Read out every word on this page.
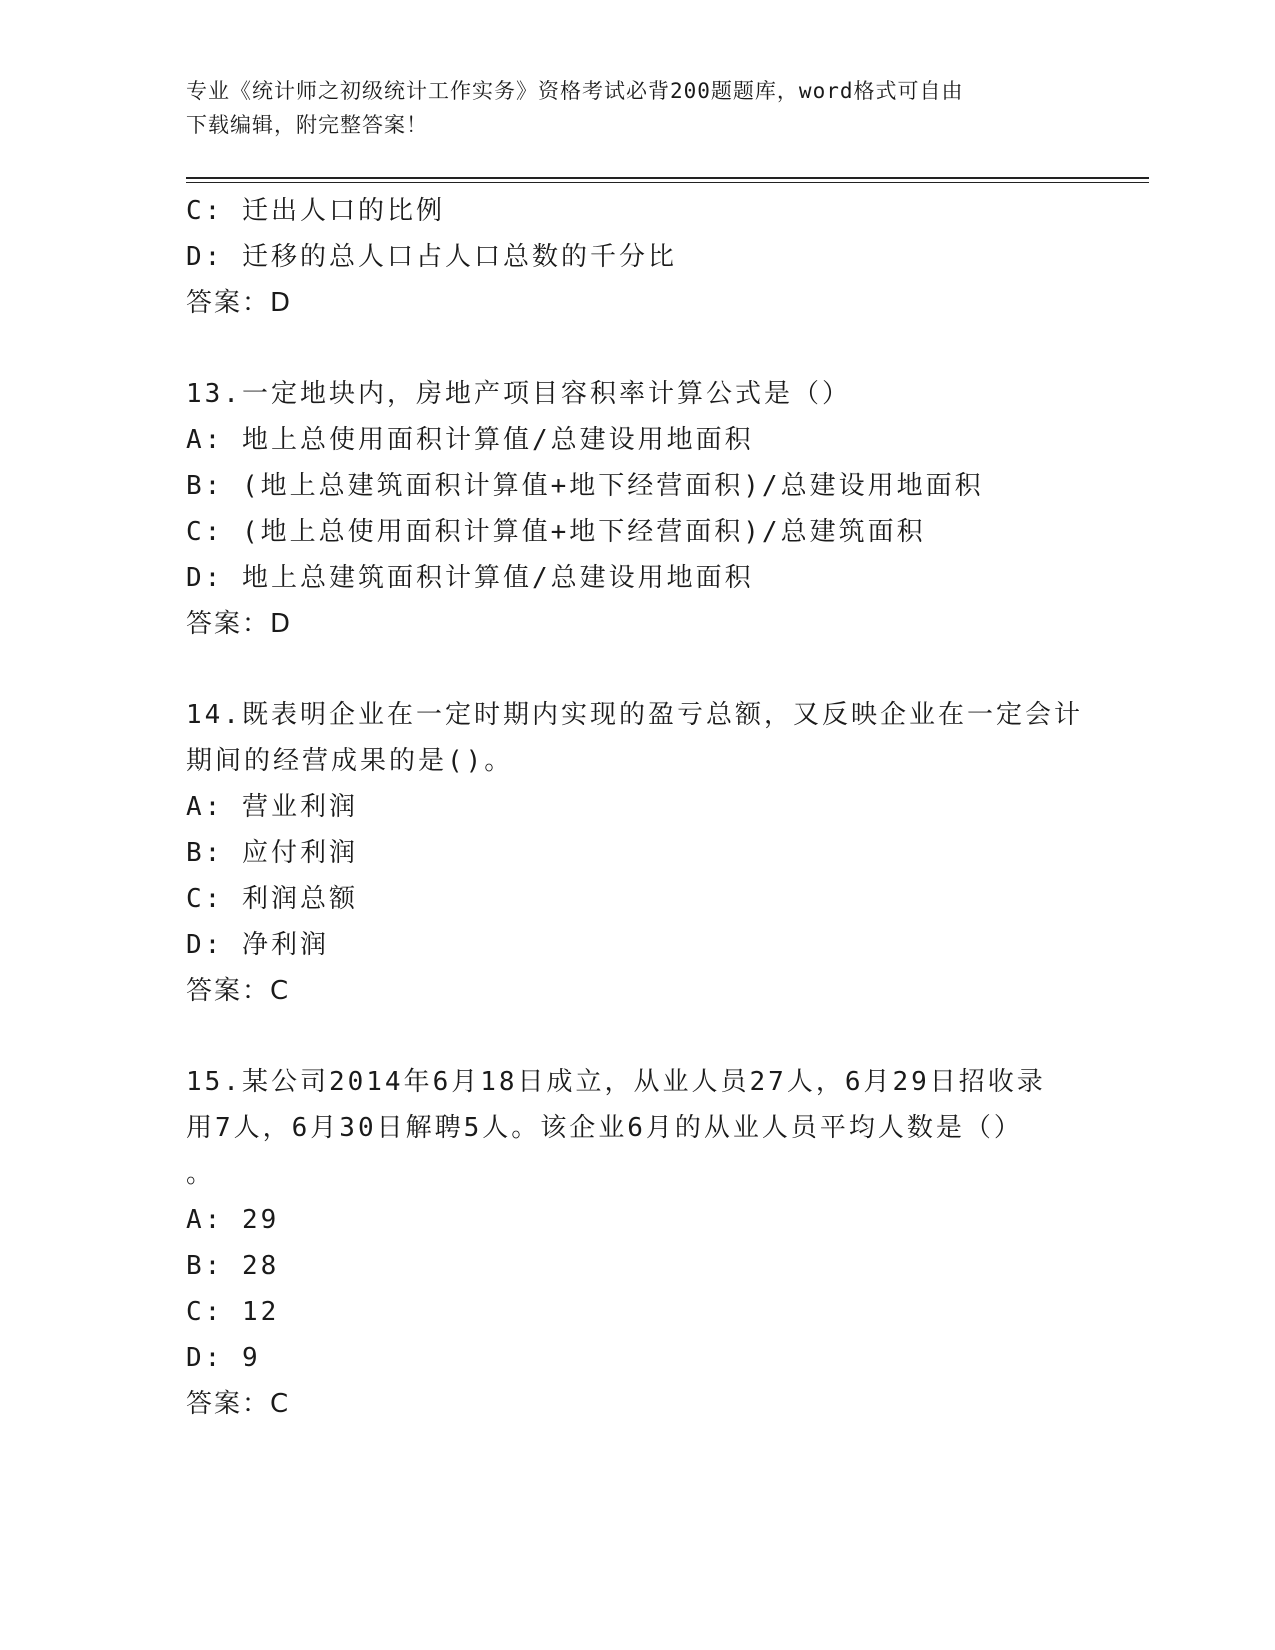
专业《统计师之初级统计工作实务》资格考试必背200题题库，word格式可自由
下载编辑，附完整答案！
C: 迁出人口的比例
D: 迁移的总人口占人口总数的千分比
答案：D
13.一定地块内，房地产项目容积率计算公式是（）
A: 地上总使用面积计算值/总建设用地面积
B: (地上总建筑面积计算值+地下经营面积)/总建设用地面积
C: (地上总使用面积计算值+地下经营面积)/总建筑面积
D: 地上总建筑面积计算值/总建设用地面积
答案：D
14.既表明企业在一定时期内实现的盈亏总额，又反映企业在一定会计
期间的经营成果的是()。
A: 营业利润
B: 应付利润
C: 利润总额
D: 净利润
答案：C
15.某公司2014年6月18日成立，从业人员27人，6月29日招收录
用7人，6月30日解聘5人。该企业6月的从业人员平均人数是（）
。
A: 29
B: 28
C: 12
D: 9
答案：C
